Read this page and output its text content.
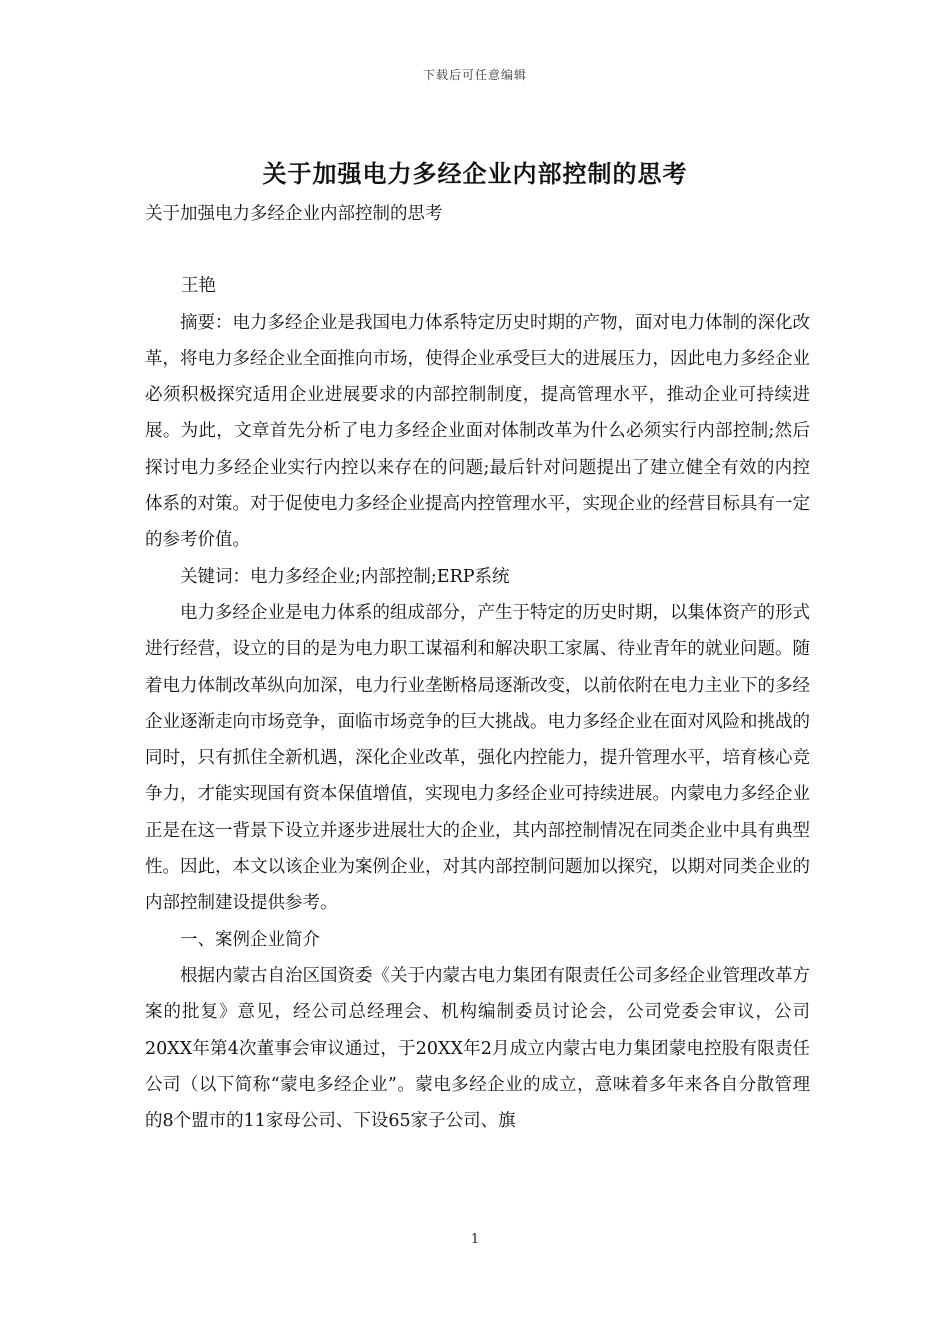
下载后可任意编辑
关于加强电力多经企业内部控制的思考

关于加强电力多经企业内部控制的思考

王艳

摘要：电力多经企业是我国电力体系特定历史时期的产物，面对电力体制的深化改革，将电力多经企业全面推向市场，使得企业承受巨大的进展压力，因此电力多经企业必须积极探究适用企业进展要求的内部控制制度，提高管理水平，推动企业可持续进展。为此，文章首先分析了电力多经企业面对体制改革为什么必须实行内部控制;然后探讨电力多经企业实行内控以来存在的问题;最后针对问题提出了建立健全有效的内控体系的对策。对于促使电力多经企业提高内控管理水平，实现企业的经营目标具有一定的参考价值。

关键词：电力多经企业;内部控制;ERP系统

电力多经企业是电力体系的组成部分，产生于特定的历史时期，以集体资产的形式进行经营，设立的目的是为电力职工谋福利和解决职工家属、待业青年的就业问题。随着电力体制改革纵向加深，电力行业垄断格局逐渐改变，以前依附在电力主业下的多经企业逐渐走向市场竞争，面临市场竞争的巨大挑战。电力多经企业在面对风险和挑战的同时，只有抓住全新机遇，深化企业改革，强化内控能力，提升管理水平，培育核心竞争力，才能实现国有资本保值增值，实现电力多经企业可持续进展。内蒙电力多经企业正是在这一背景下设立并逐步进展壮大的企业，其内部控制情况在同类企业中具有典型性。因此，本文以该企业为案例企业，对其内部控制问题加以探究，以期对同类企业的内部控制建设提供参考。

一、案例企业简介

根据内蒙古自治区国资委《关于内蒙古电力集团有限责任公司多经企业管理改革方案的批复》意见，经公司总经理会、机构编制委员讨论会，公司党委会审议，公司20XX年第4次董事会审议通过，于20XX年2月成立内蒙古电力集团蒙电控股有限责任公司（以下简称“蒙电多经企业”。蒙电多经企业的成立，意味着多年来各自分散管理的8个盟市的11家母公司、下设65家子公司、旗

1
